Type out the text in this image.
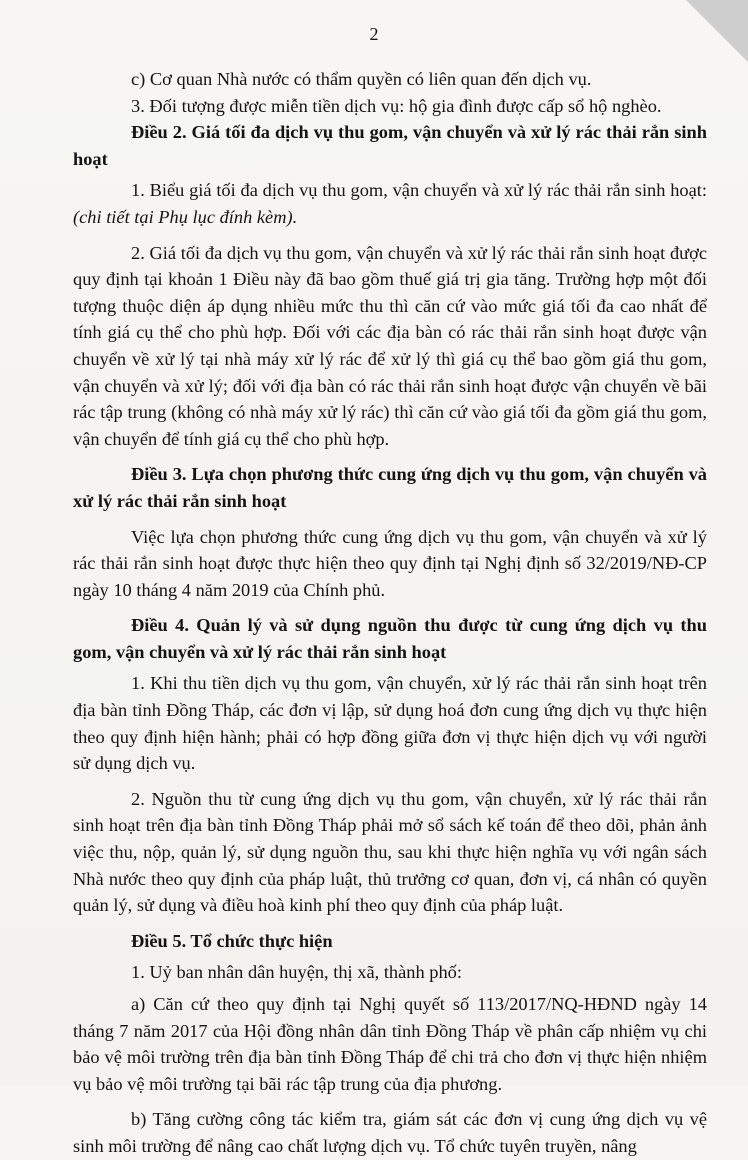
2

c) Cơ quan Nhà nước có thẩm quyền có liên quan đến dịch vụ.

3. Đối tượng được miễn tiền dịch vụ: hộ gia đình được cấp sổ hộ nghèo.

Điều 2. Giá tối đa dịch vụ thu gom, vận chuyển và xử lý rác thải rắn sinh hoạt

1. Biểu giá tối đa dịch vụ thu gom, vận chuyển và xử lý rác thải rắn sinh hoạt: (chi tiết tại Phụ lục đính kèm).

2. Giá tối đa dịch vụ thu gom, vận chuyển và xử lý rác thải rắn sinh hoạt được quy định tại khoản 1 Điều này đã bao gồm thuế giá trị gia tăng. Trường hợp một đối tượng thuộc diện áp dụng nhiều mức thu thì căn cứ vào mức giá tối đa cao nhất để tính giá cụ thể cho phù hợp. Đối với các địa bàn có rác thải rắn sinh hoạt được vận chuyển về xử lý tại nhà máy xử lý rác để xử lý thì giá cụ thể bao gồm giá thu gom, vận chuyển và xử lý; đối với địa bàn có rác thải rắn sinh hoạt được vận chuyển về bãi rác tập trung (không có nhà máy xử lý rác) thì căn cứ vào giá tối đa gồm giá thu gom, vận chuyển để tính giá cụ thể cho phù hợp.

Điều 3. Lựa chọn phương thức cung ứng dịch vụ thu gom, vận chuyển và xử lý rác thải rắn sinh hoạt

Việc lựa chọn phương thức cung ứng dịch vụ thu gom, vận chuyển và xử lý rác thải rắn sinh hoạt được thực hiện theo quy định tại Nghị định số 32/2019/NĐ-CP ngày 10 tháng 4 năm 2019 của Chính phủ.

Điều 4. Quản lý và sử dụng nguồn thu được từ cung ứng dịch vụ thu gom, vận chuyển và xử lý rác thải rắn sinh hoạt

1. Khi thu tiền dịch vụ thu gom, vận chuyển, xử lý rác thải rắn sinh hoạt trên địa bàn tỉnh Đồng Tháp, các đơn vị lập, sử dụng hoá đơn cung ứng dịch vụ thực hiện theo quy định hiện hành; phải có hợp đồng giữa đơn vị thực hiện dịch vụ với người sử dụng dịch vụ.

2. Nguồn thu từ cung ứng dịch vụ thu gom, vận chuyển, xử lý rác thải rắn sinh hoạt trên địa bàn tỉnh Đồng Tháp phải mở sổ sách kế toán để theo dõi, phản ảnh việc thu, nộp, quản lý, sử dụng nguồn thu, sau khi thực hiện nghĩa vụ với ngân sách Nhà nước theo quy định của pháp luật, thủ trưởng cơ quan, đơn vị, cá nhân có quyền quản lý, sử dụng và điều hoà kinh phí theo quy định của pháp luật.

Điều 5. Tổ chức thực hiện

1. Uỷ ban nhân dân huyện, thị xã, thành phố:

a) Căn cứ theo quy định tại Nghị quyết số 113/2017/NQ-HĐND ngày 14 tháng 7 năm 2017 của Hội đồng nhân dân tỉnh Đồng Tháp về phân cấp nhiệm vụ chi bảo vệ môi trường trên địa bàn tỉnh Đồng Tháp để chi trả cho đơn vị thực hiện nhiệm vụ bảo vệ môi trường tại bãi rác tập trung của địa phương.

b) Tăng cường công tác kiểm tra, giám sát các đơn vị cung ứng dịch vụ vệ sinh môi trường để nâng cao chất lượng dịch vụ. Tổ chức tuyên truyền, nâng
